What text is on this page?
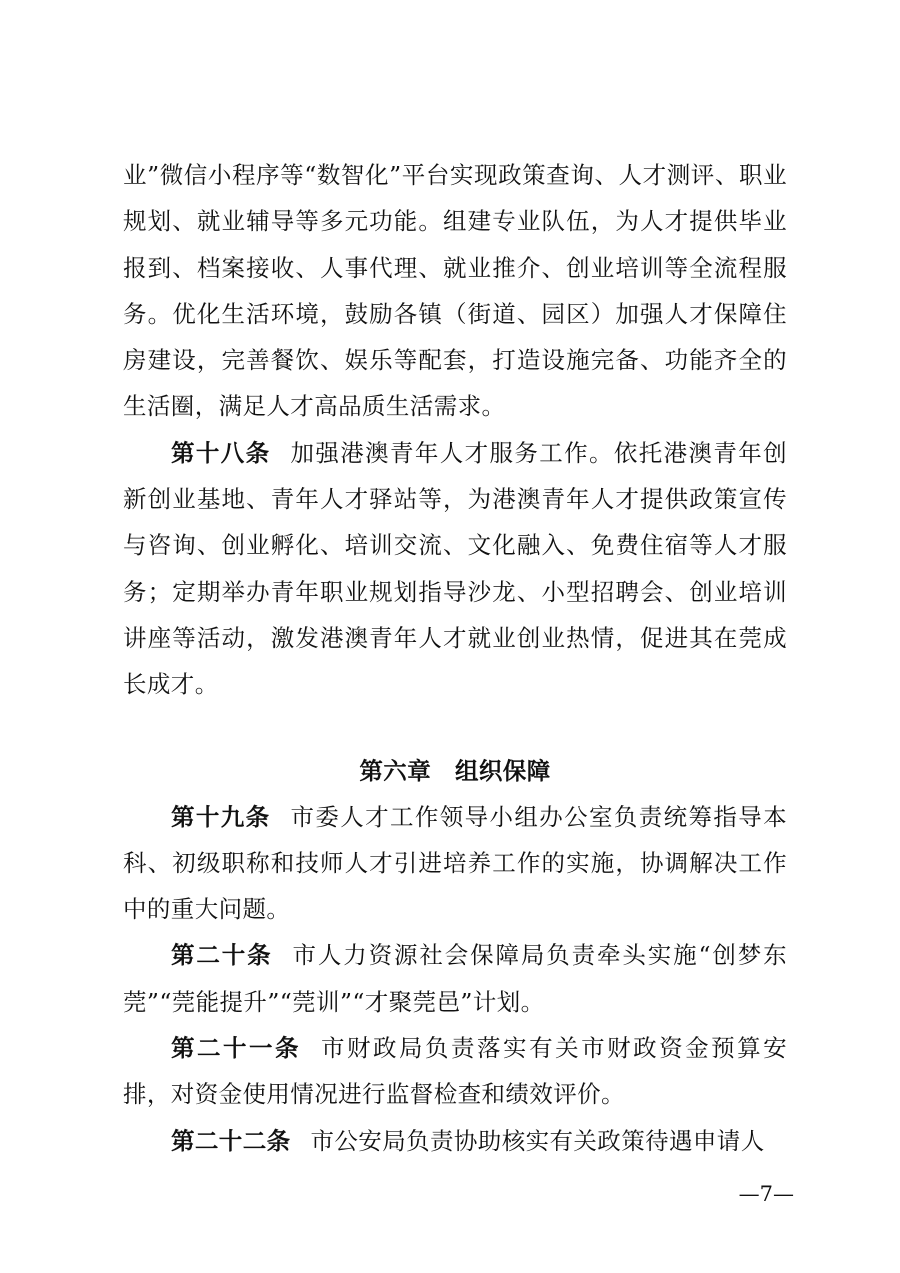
业”微信小程序等“数智化”平台实现政策查询、人才测评、职业规划、就业辅导等多元功能。组建专业队伍，为人才提供毕业报到、档案接收、人事代理、就业推介、创业培训等全流程服务。优化生活环境，鼓励各镇（街道、园区）加强人才保障住房建设，完善餐饮、娱乐等配套，打造设施完备、功能齐全的生活圈，满足人才高品质生活需求。

第十八条 加强港澳青年人才服务工作。依托港澳青年创新创业基地、青年人才驿站等，为港澳青年人才提供政策宣传与咨询、创业孵化、培训交流、文化融入、免费住宿等人才服务；定期举办青年职业规划指导沙龙、小型招聘会、创业培训讲座等活动，激发港澳青年人才就业创业热情，促进其在莞成长成才。

第六章　组织保障

第十九条 市委人才工作领导小组办公室负责统筹指导本科、初级职称和技师人才引进培养工作的实施，协调解决工作中的重大问题。

第二十条 市人力资源社会保障局负责牵头实施“创梦东莞”“莞能提升”“莞训”“才聚莞邑”计划。

第二十一条 市财政局负责落实有关市财政资金预算安排，对资金使用情况进行监督检查和绩效评价。

第二十二条 市公安局负责协助核实有关政策待遇申请人

—7—
